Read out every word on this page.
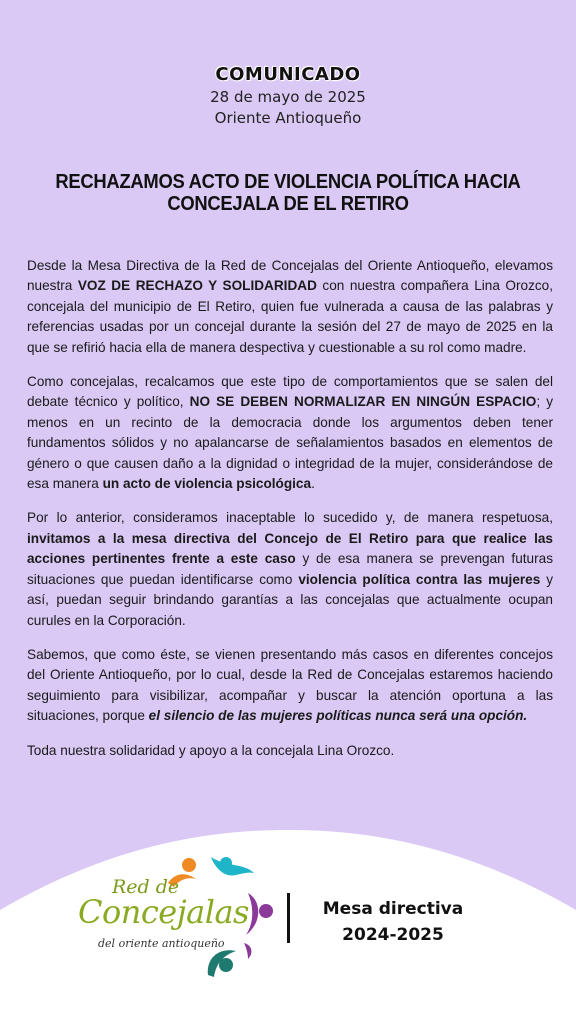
COMUNICADO
28 de mayo de 2025
Oriente Antioqueño
RECHAZAMOS ACTO DE VIOLENCIA POLÍTICA HACIA
CONCEJALA DE EL RETIRO

Desde la Mesa Directiva de la Red de Concejalas del Oriente Antioqueño, elevamos nuestra VOZ DE RECHAZO Y SOLIDARIDAD con nuestra compañera Lina Orozco, concejala del municipio de El Retiro, quien fue vulnerada a causa de las palabras y referencias usadas por un concejal durante la sesión del 27 de mayo de 2025 en la que se refirió hacia ella de manera despectiva y cuestionable a su rol como madre.

Como concejalas, recalcamos que este tipo de comportamientos que se salen del debate técnico y político, NO SE DEBEN NORMALIZAR EN NINGÚN ESPACIO; y menos en un recinto de la democracia donde los argumentos deben tener fundamentos sólidos y no apalancarse de señalamientos basados en elementos de género o que causen daño a la dignidad o integridad de la mujer, considerándose de esa manera un acto de violencia psicológica.

Por lo anterior, consideramos inaceptable lo sucedido y, de manera respetuosa, invitamos a la mesa directiva del Concejo de El Retiro para que realice las acciones pertinentes frente a este caso y de esa manera se prevengan futuras situaciones que puedan identificarse como violencia política contra las mujeres y así, puedan seguir brindando garantías a las concejalas que actualmente ocupan curules en la Corporación.

Sabemos, que como éste, se vienen presentando más casos en diferentes concejos del Oriente Antioqueño, por lo cual, desde la Red de Concejalas estaremos haciendo seguimiento para visibilizar, acompañar y buscar la atención oportuna a las situaciones, porque el silencio de las mujeres políticas nunca será una opción.

Toda nuestra solidaridad y apoyo a la concejala Lina Orozco.

Red de
Concejalas
del oriente antioqueño
Mesa directiva
2024-2025
